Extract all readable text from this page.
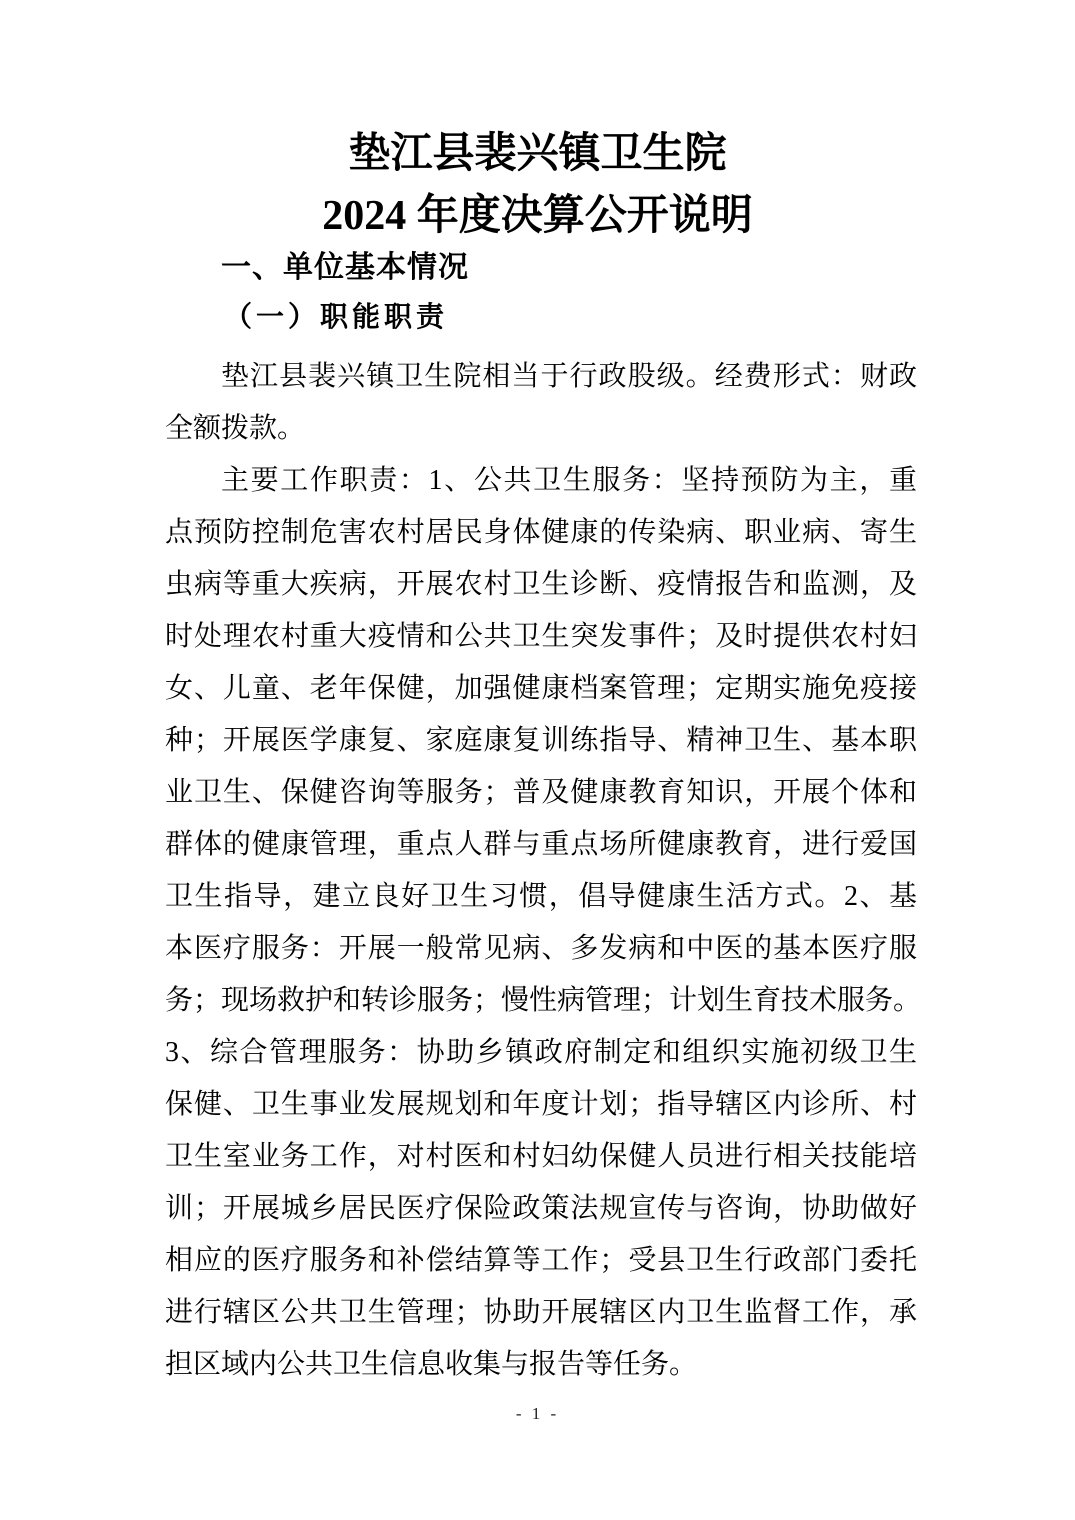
垫江县裴兴镇卫生院
2024 年度决算公开说明
一、单位基本情况
（一）职能职责
垫江县裴兴镇卫生院相当于行政股级。经费形式：财政
全额拨款。
主要工作职责：1、公共卫生服务：坚持预防为主，重
点预防控制危害农村居民身体健康的传染病、职业病、寄生
虫病等重大疾病，开展农村卫生诊断、疫情报告和监测，及
时处理农村重大疫情和公共卫生突发事件；及时提供农村妇
女、儿童、老年保健，加强健康档案管理；定期实施免疫接
种；开展医学康复、家庭康复训练指导、精神卫生、基本职
业卫生、保健咨询等服务；普及健康教育知识，开展个体和
群体的健康管理，重点人群与重点场所健康教育，进行爱国
卫生指导，建立良好卫生习惯，倡导健康生活方式。2、基
本医疗服务：开展一般常见病、多发病和中医的基本医疗服
务；现场救护和转诊服务；慢性病管理；计划生育技术服务。
3、综合管理服务：协助乡镇政府制定和组织实施初级卫生
保健、卫生事业发展规划和年度计划；指导辖区内诊所、村
卫生室业务工作，对村医和村妇幼保健人员进行相关技能培
训；开展城乡居民医疗保险政策法规宣传与咨询，协助做好
相应的医疗服务和补偿结算等工作；受县卫生行政部门委托
进行辖区公共卫生管理；协助开展辖区内卫生监督工作，承
担区域内公共卫生信息收集与报告等任务。
- 1 -
